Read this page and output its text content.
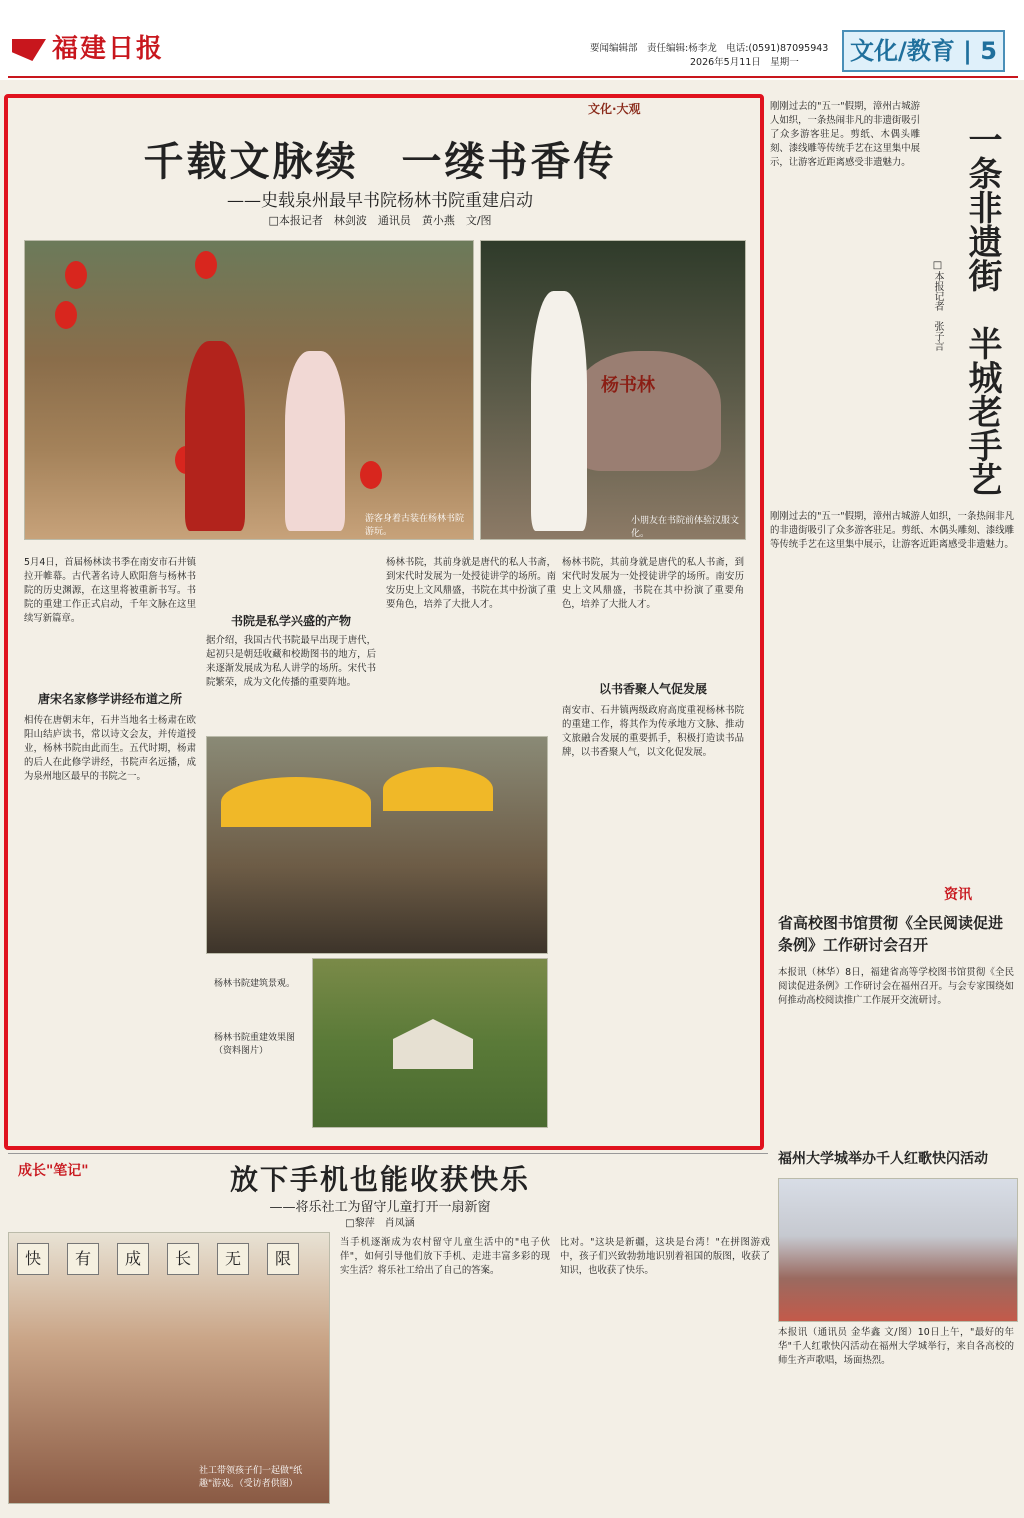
福建日报	要闻编辑部　责任编辑:杨李龙　电话:(0591)87095943
2026年5月11日　星期一	文化/教育 | 5
文化·大观
千载文脉续　一缕书香传
——史载泉州最早书院杨林书院重建启动
□本报记者　林剑波　通讯员　黄小燕　文/图
游客身着古装在杨林书院游玩。
杨书林
小朋友在书院前体验汉服文化。
5月4日，首届杨林读书季在南安市石井镇拉开帷幕。古代著名诗人欧阳詹与杨林书院的历史渊源，在这里将被重新书写。书院的重建工作正式启动，千年文脉在这里续写新篇章。
唐宋名家修学讲经布道之所
相传在唐朝末年，石井当地名士杨肃在欧阳山结庐读书，常以诗文会友，并传道授业，杨林书院由此而生。五代时期，杨肃的后人在此修学讲经，书院声名远播，成为泉州地区最早的书院之一。
书院是私学兴盛的产物
据介绍，我国古代书院最早出现于唐代，起初只是朝廷收藏和校勘图书的地方，后来逐渐发展成为私人讲学的场所。宋代书院繁荣，成为文化传播的重要阵地。
杨林书院，其前身就是唐代的私人书斋，到宋代时发展为一处授徒讲学的场所。南安历史上文风鼎盛，书院在其中扮演了重要角色，培养了大批人才。
以书香聚人气促发展
杨林书院，其前身就是唐代的私人书斋，到宋代时发展为一处授徒讲学的场所。南安历史上文风鼎盛，书院在其中扮演了重要角色，培养了大批人才。
南安市、石井镇两级政府高度重视杨林书院的重建工作，将其作为传承地方文脉、推动文旅融合发展的重要抓手，积极打造读书品牌，以书香聚人气，以文化促发展。
杨林书院建筑景观。
杨林书院重建效果图（资料图片）
刚刚过去的"五一"假期，漳州古城游人如织，一条热闹非凡的非遗街吸引了众多游客驻足。剪纸、木偶头雕刻、漆线雕等传统手艺在这里集中展示，让游客近距离感受非遗魅力。 一条非遗街　半城老手艺
□本报记者　张子言
刚刚过去的"五一"假期，漳州古城游人如织，一条热闹非凡的非遗街吸引了众多游客驻足。剪纸、木偶头雕刻、漆线雕等传统手艺在这里集中展示，让游客近距离感受非遗魅力。
资讯
省高校图书馆贯彻《全民阅读促进条例》工作研讨会召开
本报讯（林华）8日，福建省高等学校图书馆贯彻《全民阅读促进条例》工作研讨会在福州召开。与会专家围绕如何推动高校阅读推广工作展开交流研讨。
福州大学城举办千人红歌快闪活动
本报讯（通讯员 金华鑫 文/图）10日上午，"最好的年华"千人红歌快闪活动在福州大学城举行，来自各高校的师生齐声歌唱，场面热烈。
成长"笔记"	放下手机也能收获快乐
——将乐社工为留守儿童打开一扇新窗
□黎萍　肖凤涵
快	有	成	长	无	限
社工带领孩子们一起做"纸趣"游戏。（受访者供图）
当手机逐渐成为农村留守儿童生活中的"电子伙伴"，如何引导他们放下手机、走进丰富多彩的现实生活？将乐社工给出了自己的答案。
比对。"这块是新疆，这块是台湾！"在拼图游戏中，孩子们兴致勃勃地识别着祖国的版图，收获了知识，也收获了快乐。
